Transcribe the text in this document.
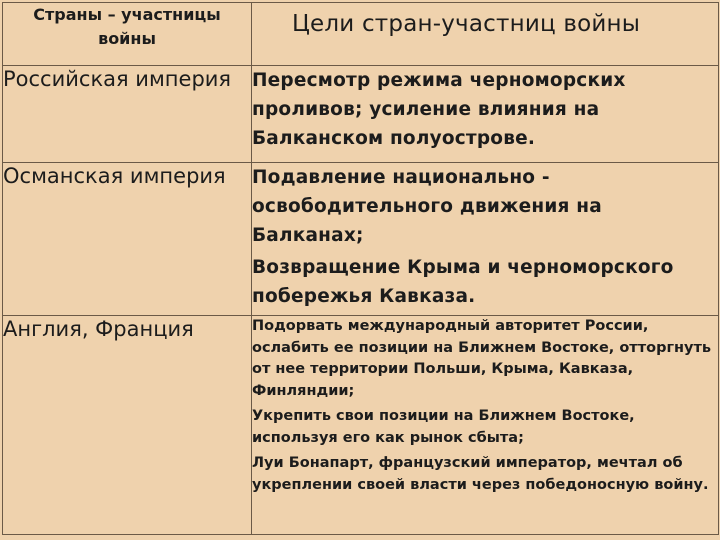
Страны – участницы войны	Цели стран-участниц войны

Российская империя	Пересмотр режима черноморских проливов; усиление влияния на Балканском полуострове.

Османская империя	Подавление национально - освободительного движения на Балканах;

Возвращение Крыма и черноморского побережья Кавказа.

Англия, Франция	Подорвать международный авторитет России, ослабить ее позиции на Ближнем Востоке, отторгнуть от нее территории Польши, Крыма, Кавказа, Финляндии;

Укрепить свои позиции на Ближнем Востоке, используя его как рынок сбыта;

Луи Бонапарт, французский император, мечтал об укреплении своей власти через победоносную войну.
